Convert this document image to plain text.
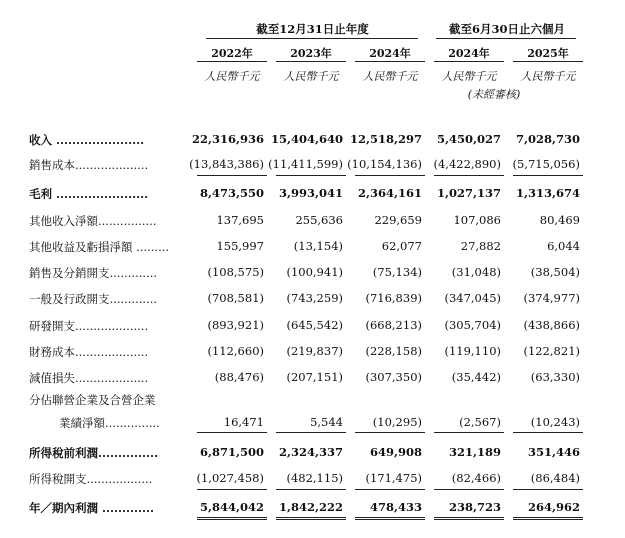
截至12月31日止年度	截至6月30日止六個月
2022年	2023年	2024年	2024年	2025年
人民幣千元	人民幣千元	人民幣千元	人民幣千元	人民幣千元
(未經審核)
收入 ......................	22,316,936 15,404,640 12,518,297	5,450,027	7,028,730
銷售成本....................	(13,843,386) (11,411,599) (10,154,136) (4,422,890) (5,715,056)
毛利 .......................	8,473,550	3,993,041	2,364,161	1,027,137	1,313,674
其他收入淨額................	137,695	255,636	229,659	107,086	80,469
其他收益及虧損淨額 .........	155,997	(13,154)	62,077	27,882	6,044
銷售及分銷開支.............	(108,575)	(100,941)	(75,134)	(31,048)	(38,504)
一般及行政開支.............	(708,581)	(743,259)	(716,839)	(347,045)	(374,977)
研發開支....................	(893,921)	(645,542)	(668,213)	(305,704)	(438,866)
財務成本....................	(112,660)	(219,837)	(228,158)	(119,110)	(122,821)
減值損失....................	(88,476)	(207,151)	(307,350)	(35,442)	(63,330)
分佔聯營企業及合營企業
業績淨額...............	16,471	5,544	(10,295)	(2,567)	(10,243)
所得稅前利潤...............	6,871,500	2,324,337	649,908	321,189	351,446
所得稅開支..................	(1,027,458)	(482,115)	(171,475)	(82,466)	(86,484)
年／期內利潤 .............	5,844,042	1,842,222	478,433	238,723	264,962
